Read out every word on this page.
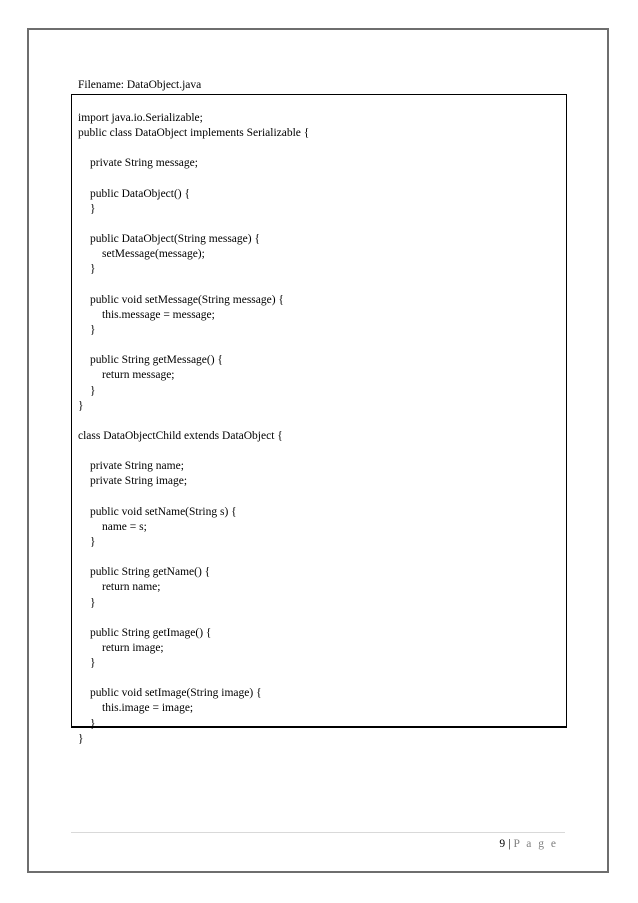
Filename: DataObject.java
import java.io.Serializable;
public class DataObject implements Serializable {
private String message;
public DataObject() {
}
public DataObject(String message) {
setMessage(message);
}
public void setMessage(String message) {
this.message = message;
}
public String getMessage() {
return message;
}
}
class DataObjectChild extends DataObject {
private String name;
private String image;
public void setName(String s) {
name = s;
}
public String getName() {
return name;
}
public String getImage() {
return image;
}
public void setImage(String image) {
this.image = image;
}
}
9 | P a g e
